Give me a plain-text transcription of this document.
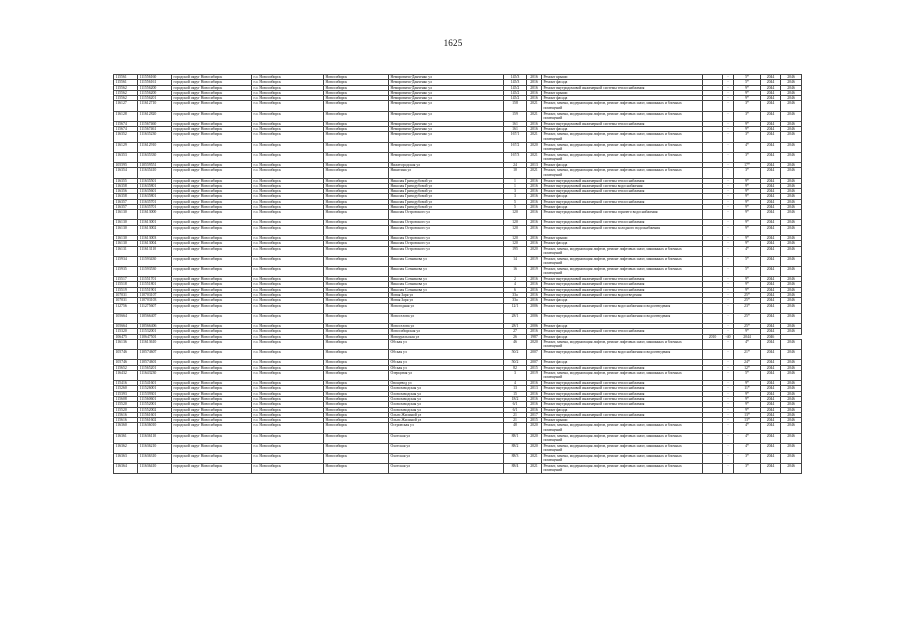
1625
115561	111556160	городской округ Новосибирск	г.о. Новосибирск	Новосибирск	Немировича-Данченко ул	145/3	2016	Ремонт крыши		-	5*	2044	2046
115561	111556161	городской округ Новосибирск	г.о. Новосибирск	Новосибирск	Немировича-Данченко ул	145/3	2016	Ремонт фасада		-	5*	2044	2046
115562	111556200	городской округ Новосибирск	г.о. Новосибирск	Новосибирск	Немировича-Данченко ул	145/2	2016	Ремонт внутридомовой инженерной системы теплоснабжения		-	9*	2044	2046
115562	111556200	городской округ Новосибирск	г.о. Новосибирск	Новосибирск	Немировича-Данченко ул	145/2	2016	Ремонт крыши		-	9*	2044	2046
115562	111556201	городской округ Новосибирск	г.о. Новосибирск	Новосибирск	Немировича-Данченко ул	145/2	2016	Ремонт фасада		-	9*	2044	2046
116127	111612710	городской округ Новосибирск	г.о. Новосибирск	Новосибирск	Немировича-Данченко ул	158	2021	Ремонт, замена, модернизация лифтов, ремонт лифтовых шахт, машинных и блочных помещений		-	3*	2044	2046
116128	111612820	городской округ Новосибирск	г.о. Новосибирск	Новосибирск	Немировича-Данченко ул	159	2021	Ремонт, замена, модернизация лифтов, ремонт лифтовых шахт, машинных и блочных помещений		-	3*	2044	2046
115674	111567460	городской округ Новосибирск	г.о. Новосибирск	Новосибирск	Немировича-Данченко ул	161	2016	Ремонт внутридомовой инженерной системы теплоснабжения		-	9*	2044	2046
115674	111567461	городской округ Новосибирск	г.о. Новосибирск	Новосибирск	Немировича-Данченко ул	161	2016	Ремонт фасада		-	9*	2044	2046
116352	111635230	городской округ Новосибирск	г.о. Новосибирск	Новосибирск	Немировича-Данченко ул	167/1	2021	Ремонт, замена, модернизация лифтов, ремонт лифтовых шахт, машинных и блочных помещений		-	3*	2044	2046
116129	111612910	городской округ Новосибирск	г.о. Новосибирск	Новосибирск	Немировича-Данченко ул	167/2	2020	Ремонт, замена, модернизация лифтов, ремонт лифтовых шахт, машинных и блочных помещений		-	4*	2044	2046
116353	111635330	городской округ Новосибирск	г.о. Новосибирск	Новосибирск	Немировича-Данченко ул	167/3	2021	Ремонт, замена, модернизация лифтов, ремонт лифтовых шахт, машинных и блочных помещений		-	3*	2044	2046
105595	110559551	городской округ Новосибирск	г.о. Новосибирск	Новосибирск	Нижегородская ул	24	2013	Ремонт фасада		-	17*	2044	2046
116354	111635410	городской округ Новосибирск	г.о. Новосибирск	Новосибирск	Никитина ул	10	2021	Ремонт, замена, модернизация лифтов, ремонт лифтовых шахт, машинных и блочных помещений		-	3*	2044	2046
116355	111635501	городской округ Новосибирск	г.о. Новосибирск	Новосибирск	Николая Гризодубовой ул	1	2016	Ремонт внутридомовой инженерной системы теплоснабжения		-	9*	2044	2046
116358	111635801	городской округ Новосибирск	г.о. Новосибирск	Новосибирск	Николая Гризодубовой ул	1	2016	Ремонт внутридомовой инженерной системы водоснабжения		-	9*	2044	2046
116356	111635601	городской округ Новосибирск	г.о. Новосибирск	Новосибирск	Николая Гризодубовой ул	3	2016	Ремонт внутридомовой инженерной системы теплоснабжения		-	9*	2044	2046
116358	111635801	городской округ Новосибирск	г.о. Новосибирск	Новосибирск	Николая Гризодубовой ул	3	2016	Ремонт фасада		-	9*	2044	2046
116357	111635701	городской округ Новосибирск	г.о. Новосибирск	Новосибирск	Николая Гризодубовой ул	5	2016	Ремонт внутридомовой инженерной системы теплоснабжения		-	9*	2044	2046
116357	111635701	городской округ Новосибирск	г.о. Новосибирск	Новосибирск	Николая Гризодубовой ул	5	2016	Ремонт фасада		-	9*	2044	2046
116130	111613000	городской округ Новосибирск	г.о. Новосибирск	Новосибирск	Николая Островского ул	120	2016	Ремонт внутридомовой инженерной системы горячего водоснабжения		-	9*	2044	2046
116130	111613001	городской округ Новосибирск	г.о. Новосибирск	Новосибирск	Николая Островского ул	120	2016	Ремонт внутридомовой инженерной системы теплоснабжения		-	9*	2044	2046
116130	111613002	городской округ Новосибирск	г.о. Новосибирск	Новосибирск	Николая Островского ул	120	2016	Ремонт внутридомовой инженерной системы холодного водоснабжения		-	9*	2044	2046
116130	111613003	городской округ Новосибирск	г.о. Новосибирск	Новосибирск	Николая Островского ул	120	2016	Ремонт крыши		-	9*	2044	2046
116130	111613004	городской округ Новосибирск	г.о. Новосибирск	Новосибирск	Николая Островского ул	120	2016	Ремонт фасада		-	9*	2044	2046
116131	111613110	городской округ Новосибирск	г.о. Новосибирск	Новосибирск	Николая Островского ул	195	2020	Ремонт, замена, модернизация лифтов, ремонт лифтовых шахт, машинных и блочных помещений		-	4*	2044	2046
115934	111593430	городской округ Новосибирск	г.о. Новосибирск	Новосибирск	Николая Сотникова ул	14	2019	Ремонт, замена, модернизация лифтов, ремонт лифтовых шахт, машинных и блочных помещений		-	5*	2044	2046
115935	111593530	городской округ Новосибирск	г.о. Новосибирск	Новосибирск	Николая Сотникова ул	16	2019	Ремонт, замена, модернизация лифтов, ремонт лифтовых шахт, машинных и блочных помещений		-	5*	2044	2046
115517	111551701	городской округ Новосибирск	г.о. Новосибирск	Новосибирск	Николая Сотникова ул	2	2016	Ремонт внутридомовой инженерной системы теплоснабжения		-	9*	2044	2046
115518	111551801	городской округ Новосибирск	г.о. Новосибирск	Новосибирск	Николая Сотникова ул	4	2016	Ремонт внутридомовой инженерной системы теплоснабжения		-	9*	2044	2046
115519	111551901	городской округ Новосибирск	г.о. Новосибирск	Новосибирск	Николая Сотникова ул	6	2016	Ремонт внутридомовой инженерной системы теплоснабжения		-	9*	2044	2046
107031	110703107	городской округ Новосибирск	г.о. Новосибирск	Новосибирск	Новая Заря ул	33а	2016	Ремонт внутридомовой инженерной системы водоотведения		-	25*	2044	2046
107031	110703103	городской округ Новосибирск	г.о. Новосибирск	Новосибирск	Новая Заря ул	33а	2016	Ремонт фасада		-	25*	2044	2046
112756	111275607	городской округ Новосибирск	г.о. Новосибирск	Новосибирск	Новогодняя ул	12/1	2006	Ремонт внутридомовой инженерной системы водоснабжения и водоотведения		-	23*	2044	2046
105664	110566407	городской округ Новосибирск	г.о. Новосибирск	Новосибирск	Новоселова ул	28/1	2006	Ремонт внутридомовой инженерной системы водоснабжения и водоотведения		-	25*	2044	2046
105664	110566406	городской округ Новосибирск	г.о. Новосибирск	Новосибирск	Новоселова ул	28/1	2006	Ремонт фасада		-	25*	2044	2046
115320	111532001	городской округ Новосибирск	г.о. Новосибирск	Новосибирск	Новосибирская ул	27	2016	Ремонт внутридомовой инженерной системы теплоснабжения		-	9*	2044	2046
106475	110647501	городской округ Новосибирск	г.о. Новосибирск	Новосибирск	Новоуральская ул	26	1987	Ремонт фасада	2010	-40	2044	2046	
116136	111613610	городской округ Новосибирск	г.о. Новосибирск	Новосибирск	Обская ул	46	2020	Ремонт, замена, модернизация лифтов, ремонт лифтовых шахт, машинных и блочных помещений		-	4*	2044	2046
105746	110574607	городской округ Новосибирск	г.о. Новосибирск	Новосибирск	Обская ул	50/2	2007	Ремонт внутридомовой инженерной системы водоснабжения и водоотведения		-	21*	2044	2046
105746	110574601	городской округ Новосибирск	г.о. Новосибирск	Новосибирск	Обская ул	50/2	2007	Ремонт фасада		-	24*	2044	2046
115652	111565201	городской округ Новосибирск	г.о. Новосибирск	Новосибирск	Обская ул	82	2015	Ремонт внутридомовой инженерной системы теплоснабжения		-	12*	2044	2046
116432	111643230	городской округ Новосибирск	г.о. Новосибирск	Новосибирск	Озерцовая ул	3	2019	Ремонт, замена, модернизация лифтов, ремонт лифтовых шахт, машинных и блочных помещений		-	5*	2044	2046
115416	111541601	городской округ Новосибирск	г.о. Новосибирск	Новосибирск	Овощевод ул	4	2016	Ремонт внутридомовой инженерной системы теплоснабжения		-	9*	2044	2046
115260	111526001	городской округ Новосибирск	г.о. Новосибирск	Новосибирск	Оловозаводская ул	13	2013	Ремонт внутридомовой инженерной системы теплоснабжения		-	11*	2044	2046
115393	111539301	городской округ Новосибирск	г.о. Новосибирск	Новосибирск	Оловозаводская ул	15	2016	Ремонт внутридомовой инженерной системы теплоснабжения		-	9*	2044	2046
115608	111560601	городской округ Новосибирск	г.о. Новосибирск	Новосибирск	Оловозаводская ул	18/2	2016	Ремонт внутридомовой инженерной системы теплоснабжения		-	9*	2044	2046
115520	111552001	городской округ Новосибирск	г.о. Новосибирск	Новосибирск	Оловозаводская ул	6/1	2016	Ремонт внутридомовой инженерной системы теплоснабжения		-	9*	2044	2046
115520	111552002	городской округ Новосибирск	г.о. Новосибирск	Новосибирск	Оловозаводская ул	6/1	2016	Ремонт фасада		-	9*	2044	2046
115616	111561601	городской округ Новосибирск	г.о. Новосибирск	Новосибирск	Ольги Жилиной ул	21	2017	Ремонт внутридомовой инженерной системы теплоснабжения		-	13*	2044	2046
115616	111561602	городской округ Новосибирск	г.о. Новосибирск	Новосибирск	Ольги Жилиной ул	21	2015	Ремонт крыши		-	13*	2044	2046
116360	111636010	городской округ Новосибирск	г.о. Новосибирск	Новосибирск	Островская ул	48	2020	Ремонт, замена, модернизация лифтов, ремонт лифтовых шахт, машинных и блочных помещений		-	4*	2044	2046
116361	111636110	городской округ Новосибирск	г.о. Новосибирск	Новосибирск	Охотская ул	88/1	2020	Ремонт, замена, модернизация лифтов, ремонт лифтовых шахт, машинных и блочных помещений		-	4*	2044	2046
116362	111636210	городской округ Новосибирск	г.о. Новосибирск	Новосибирск	Охотская ул	88/2	2020	Ремонт, замена, модернизация лифтов, ремонт лифтовых шахт, машинных и блочных помещений		-	4*	2044	2046
116363	111636310	городской округ Новосибирск	г.о. Новосибирск	Новосибирск	Охотская ул	88/3	2021	Ремонт, замена, модернизация лифтов, ремонт лифтовых шахт, машинных и блочных помещений		-	3*	2044	2046
116364	111636410	городской округ Новосибирск	г.о. Новосибирск	Новосибирск	Охотская ул	88/4	2021	Ремонт, замена, модернизация лифтов, ремонт лифтовых шахт, машинных и блочных помещений		-	3*	2044	2046
